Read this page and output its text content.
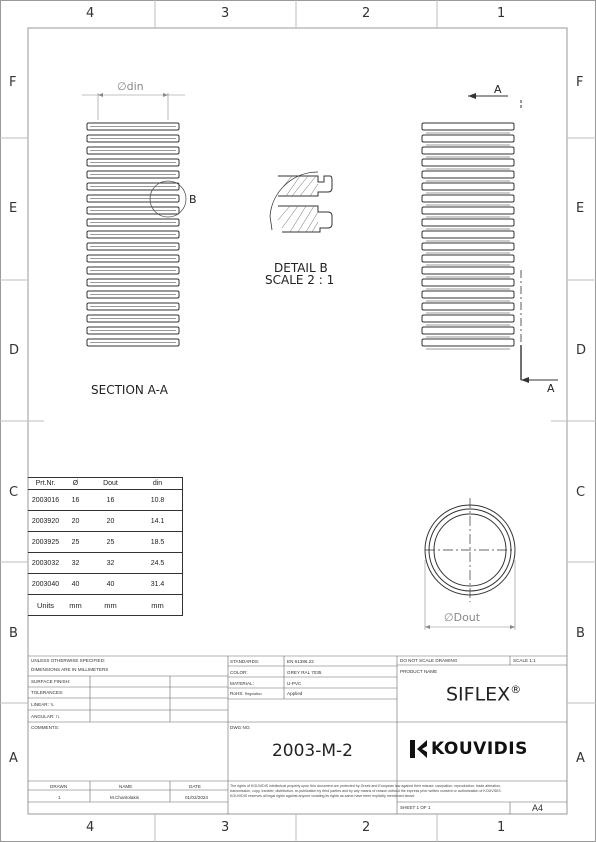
4	3	2	1
4	3	2	1
F
E
D
C
B
A
F
E
D
C
B
A
∅din
B
SECTION A-A
DETAIL B
SCALE 2 : 1
A
A
∅Dout
Prt.Nr.	Ø	Dout	din
2003016	16	16	10.8
2003920	20	20	14.1
2003925	25	25	18.5
2003032	32	32	24.5
2003040	40	40	31.4
Units	mm	mm	mm
UNLESS OTHERWISE SPECIFIED:
DIMENSIONS ARE IN MILLIMETERS
SURFACE FINISH:
TOLERANCES:
LINEAR: TL
ANGULAR: TL
COMMENTS:
STANDARDS:	EN 61386.22
COLOR:	GREY RAL 7035
MATERIAL:	U-PVC
RoHS: Regulation	Applied
DWG NO.
2003-M-2
DO NOT SCALE DRAWING	SCALE 1:1
PRODUCT NAME
SIFLEX®
KOUVIDIS
DRAWN	NAME	DATE
1	M.Charitolakis	01/02/2024
The rights of KOUVIDIS intellectual property upon this document are protected by Greek and European law against their misuse: usurpation, reproduction, trade alteration, transmission, copy, transfer, distribution, re-publication by third parties and by any means of reason without the express prior written consent or authorization of KOUVIDIS. KOUVIDIS reserves all legal rights against anyone violating its rights as same have been explicitly mentioned above.
SHEET 1 OF 1	A4
